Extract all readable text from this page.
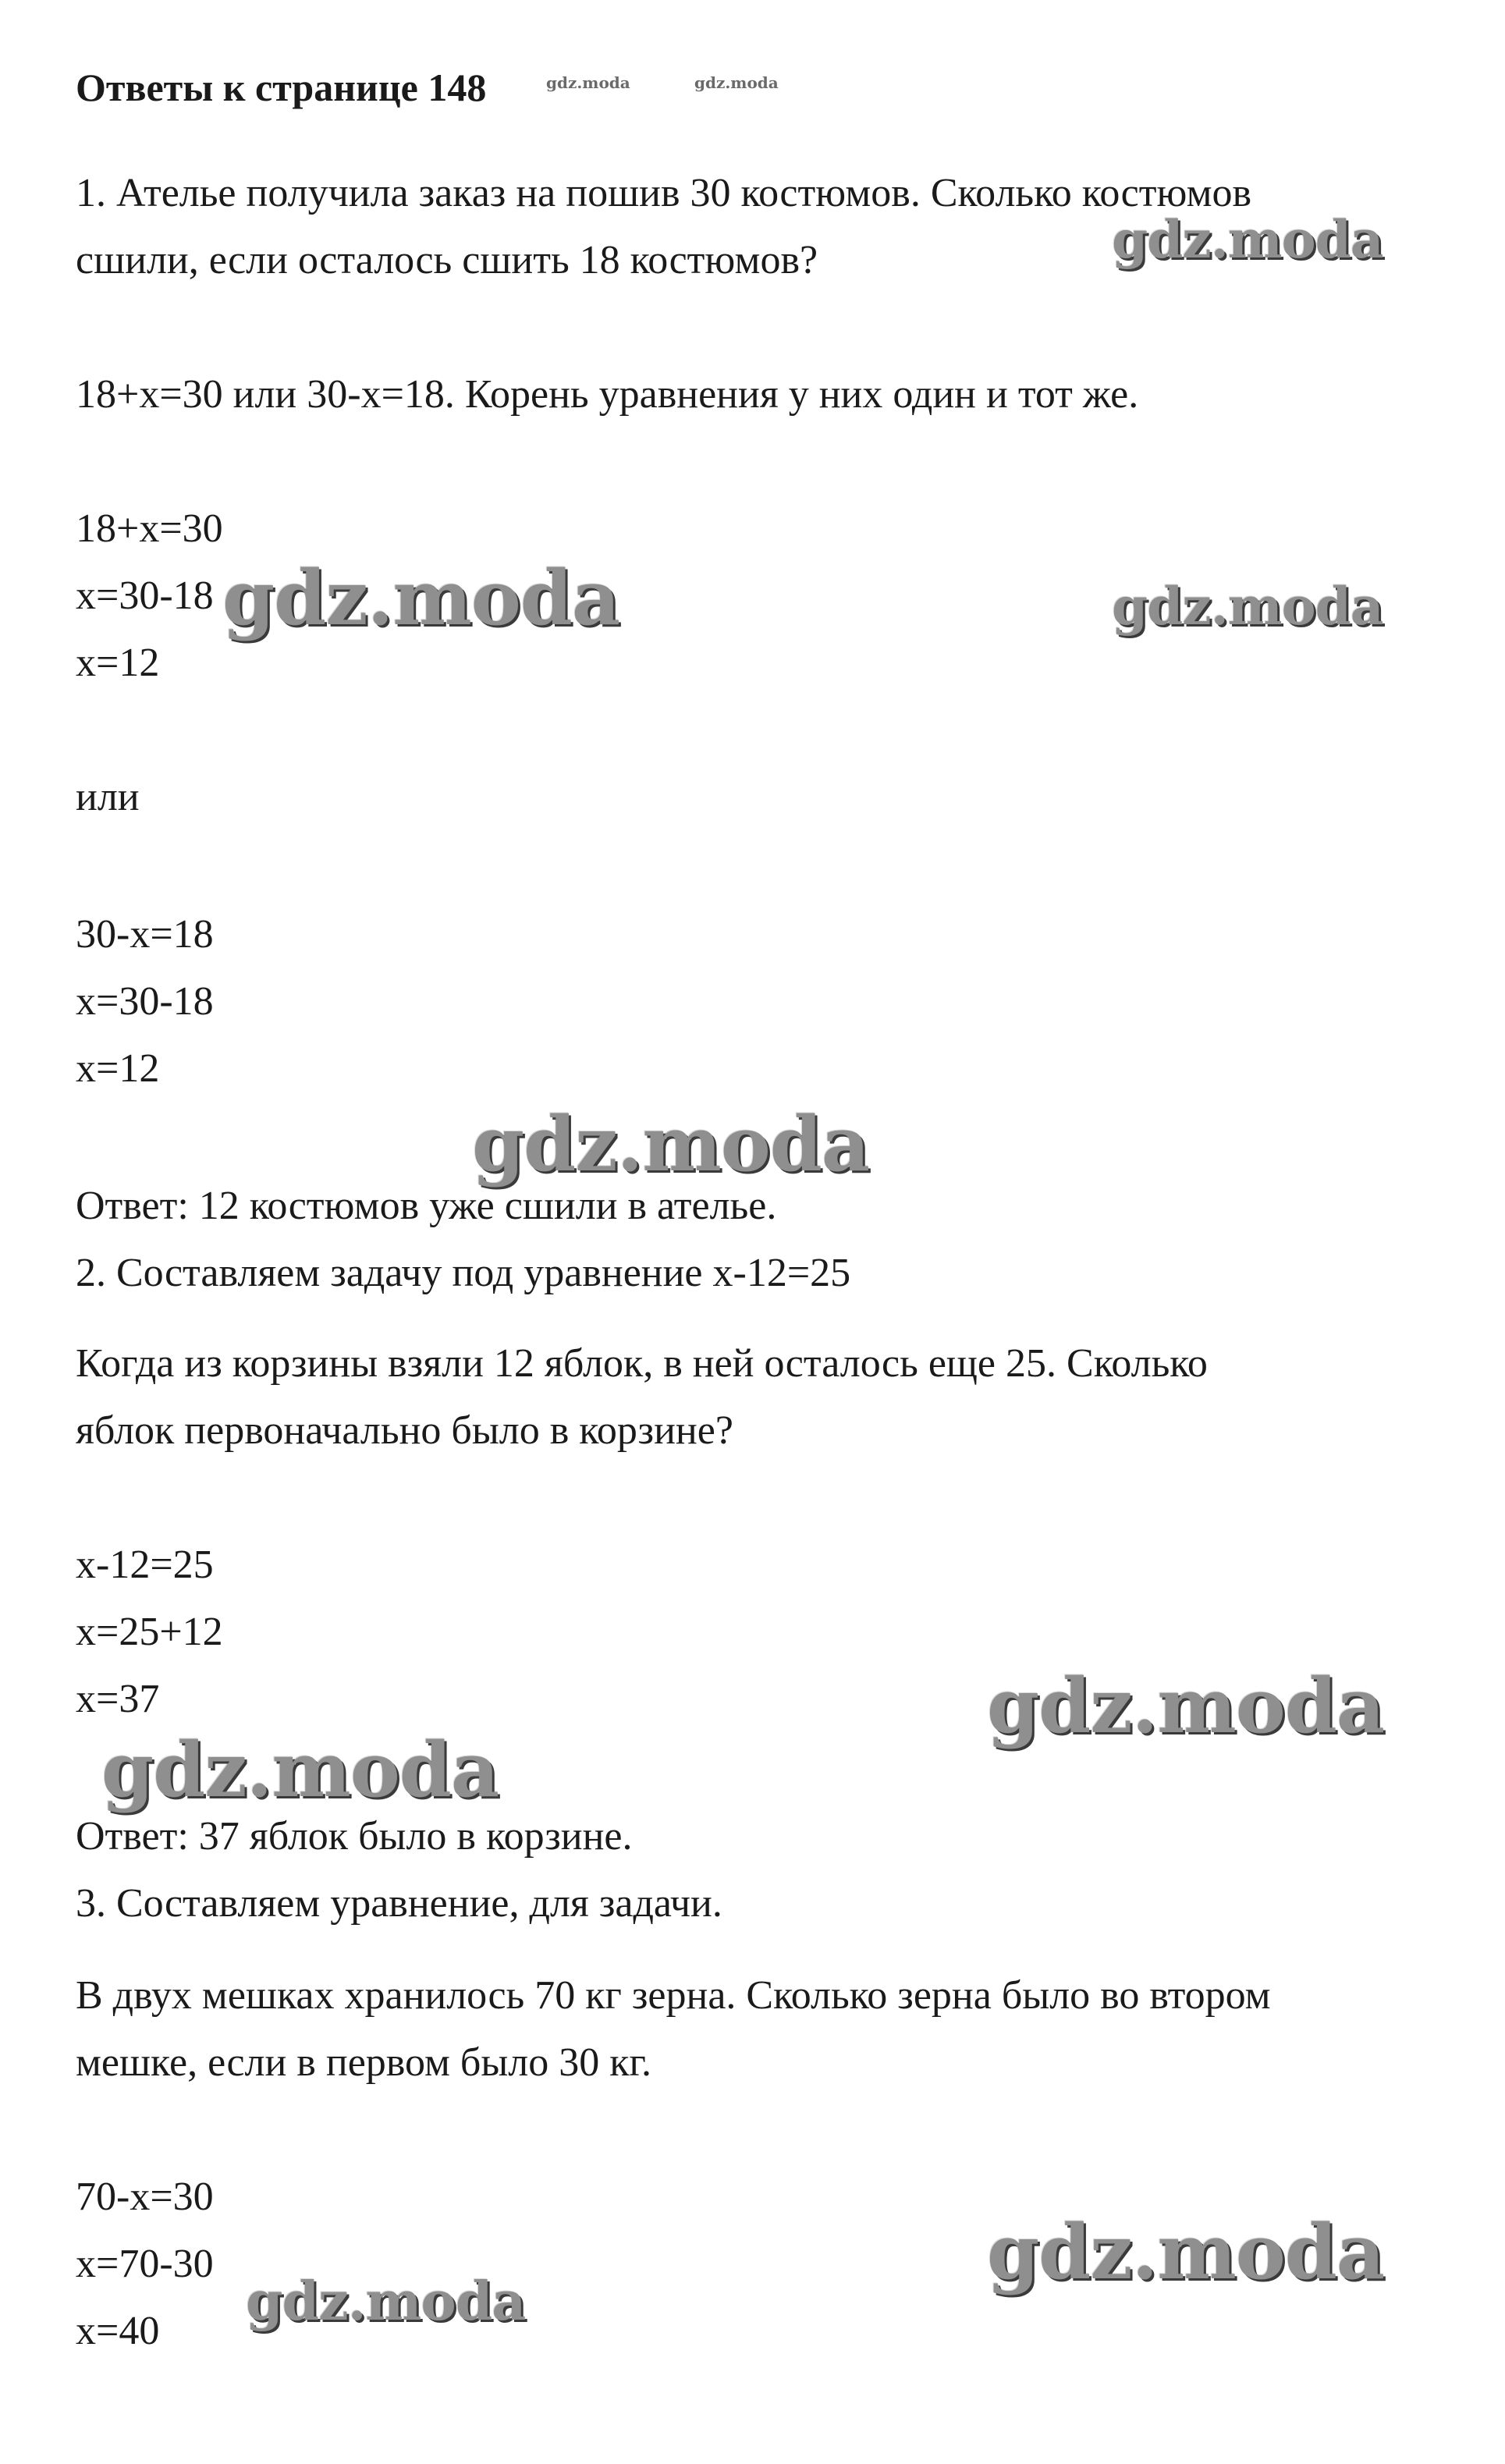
Ответы к странице 148

1. Ателье получила заказ на пошив 30 костюмов. Сколько костюмов

сшили, если осталось сшить 18 костюмов?

18+x=30 или 30-x=18. Корень уравнения у них один и тот же.

18+x=30

x=30-18

x=12

или

30-x=18

x=30-18

x=12

Ответ: 12 костюмов уже сшили в ателье.

2. Составляем задачу под уравнение x-12=25

Когда из корзины взяли 12 яблок, в ней осталось еще 25. Сколько

яблок первоначально было в корзине?

x-12=25

x=25+12

x=37

Ответ: 37 яблок было в корзине.

3. Составляем уравнение, для задачи.

В двух мешках хранилось 70 кг зерна. Сколько зерна было во втором

мешке, если в первом было 30 кг.

70-x=30

x=70-30

x=40

gdz.moda	gdz.moda
gdz.moda
gdz.moda	gdz.moda
gdz.moda
gdz.moda
gdz.moda
gdz.moda
gdz.moda
